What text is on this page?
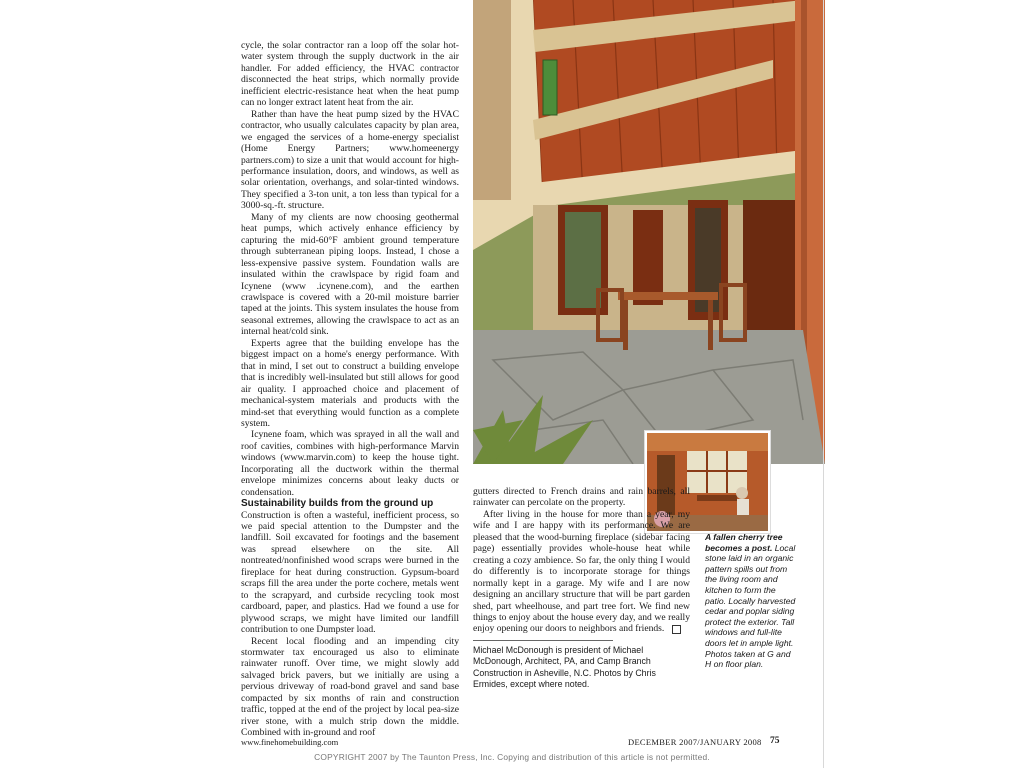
cycle, the solar contractor ran a loop off the solar hot-water system through the supply ductwork in the air handler. For added efficiency, the HVAC contractor disconnected the heat strips, which normally provide inefficient electric-resistance heat when the heat pump can no longer extract latent heat from the air.

Rather than have the heat pump sized by the HVAC contractor, who usually calculates capacity by plan area, we engaged the services of a home-energy specialist (Home Energy Partners; www.homeenergy partners.com) to size a unit that would account for high-performance insulation, doors, and windows, as well as solar orientation, overhangs, and solar-tinted windows. They specified a 3-ton unit, a ton less than typical for a 3000-sq.-ft. structure.

Many of my clients are now choosing geothermal heat pumps, which actively enhance efficiency by capturing the mid-60°F ambient ground temperature through subterranean piping loops. Instead, I chose a less-expensive passive system. Foundation walls are insulated within the crawlspace by rigid foam and Icynene (www .icynene.com), and the earthen crawlspace is covered with a 20-mil moisture barrier taped at the joints. This system insulates the house from seasonal extremes, allowing the crawlspace to act as an internal heat/cold sink.

Experts agree that the building envelope has the biggest impact on a home's energy performance. With that in mind, I set out to construct a building envelope that is incredibly well-insulated but still allows for good air quality. I approached choice and placement of mechanical-system materials and products with the mind-set that everything would function as a complete system.

Icynene foam, which was sprayed in all the wall and roof cavities, combines with high-performance Marvin windows (www.marvin.com) to keep the house tight. Incorporating all the ductwork within the thermal envelope minimizes concerns about leaky ducts or condensation.

Sustainability builds from the ground up

Construction is often a wasteful, inefficient process, so we paid special attention to the Dumpster and the landfill. Soil excavated for footings and the basement was spread elsewhere on the site. All nontreated/nonfinished wood scraps were burned in the fireplace for heat during construction. Gypsum-board scraps fill the area under the porte cochere, metals went to the scrapyard, and curbside recycling took most cardboard, paper, and plastics. Had we found a use for plywood scraps, we might have limited our landfill contribution to one Dumpster load.

Recent local flooding and an impending city stormwater tax encouraged us also to eliminate rainwater runoff. Over time, we might slowly add salvaged brick pavers, but we initially are using a pervious driveway of road-bond gravel and sand base compacted by six months of rain and construction traffic, topped at the end of the project by local pea-size river stone, with a mulch strip down the middle. Combined with in-ground and roof

gutters directed to French drains and rain barrels, all rainwater can percolate on the property.

After living in the house for more than a year, my wife and I are happy with its performance. We are pleased that the wood-burning fireplace (sidebar facing page) essentially provides whole-house heat while creating a cozy ambience. So far, the only thing I would do differently is to incorporate storage for things normally kept in a garage. My wife and I are now designing an ancillary structure that will be part garden shed, part wheelhouse, and part tree fort. We find new things to enjoy about the house every day, and we really enjoy opening our doors to neighbors and friends.

Michael McDonough is president of Michael McDonough, Architect, PA, and Camp Branch Construction in Asheville, N.C. Photos by Chris Ermides, except where noted.

A fallen cherry tree becomes a post. Local stone laid in an organic pattern spills out from the living room and kitchen to form the patio. Locally harvested cedar and poplar siding protect the exterior. Tall windows and full-lite doors let in ample light. Photos taken at G and H on floor plan.
www.finehomebuilding.com	DECEMBER 2007/JANUARY 2008 75
COPYRIGHT 2007 by The Taunton Press, Inc. Copying and distribution of this article is not permitted.
